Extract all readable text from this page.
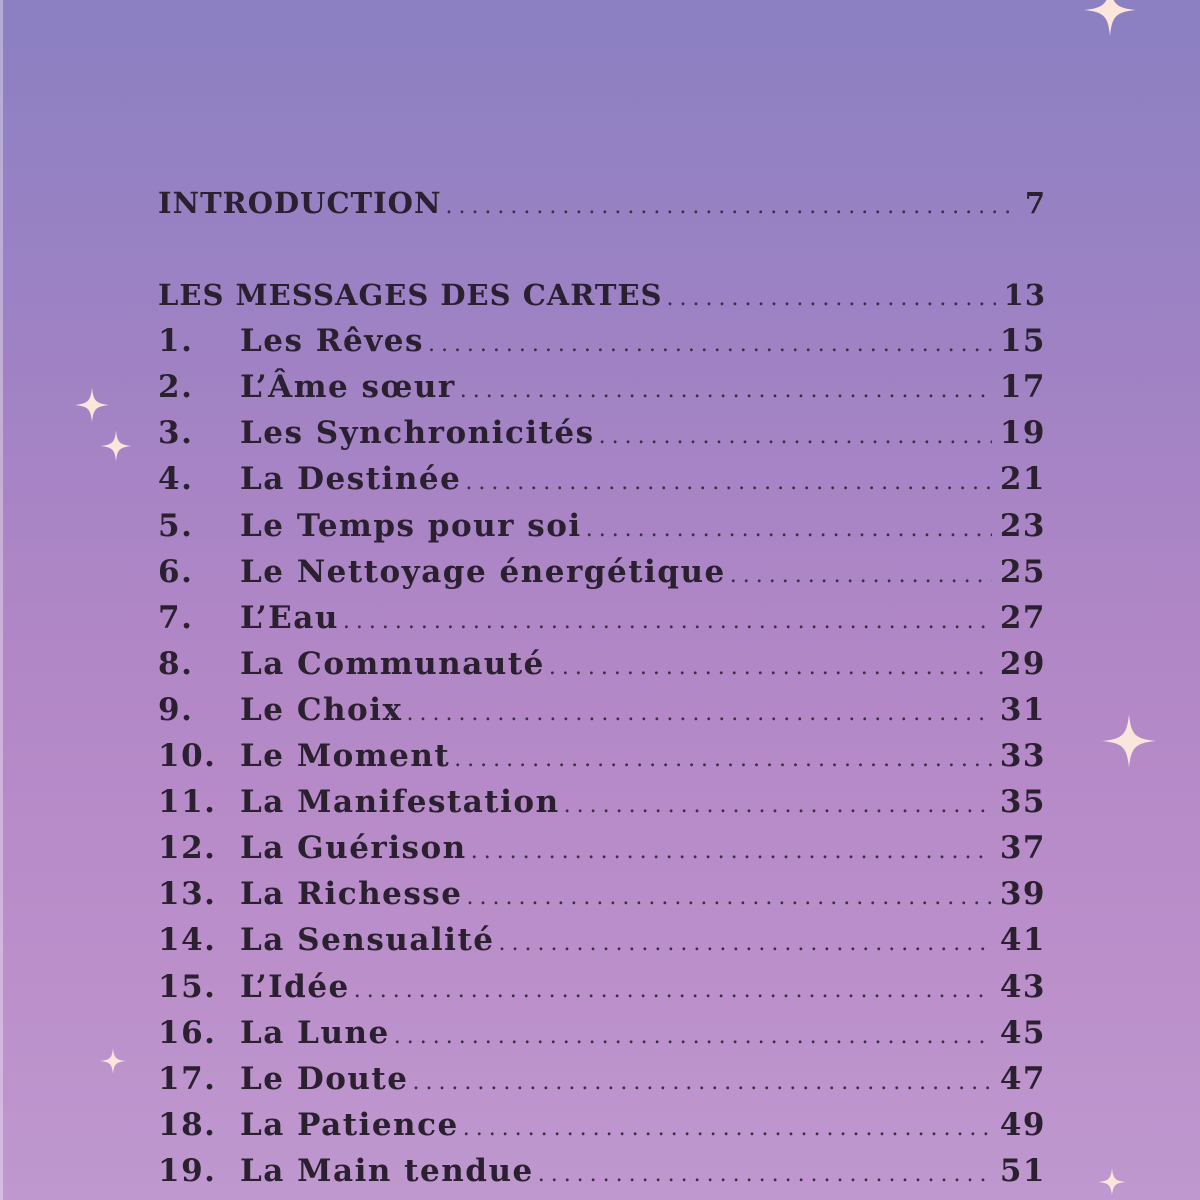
INTRODUCTION .....	7
LES MESSAGES DES CARTES .....	13
1.	Les Rêves .....	15
2.	L’Âme sœur .....	17
3.	Les Synchronicités .....	19
4.	La Destinée .....	21
5.	Le Temps pour soi .....	23
6.	Le Nettoyage énergétique .....	25
7.	L’Eau .....	27
8.	La Communauté .....	29
9.	Le Choix .....	31
10. Le Moment .....	33
11. La Manifestation .....	35
12. La Guérison .....	37
13. La Richesse .....	39
14. La Sensualité .....	41
15. L’Idée .....	43
16. La Lune .....	45
17. Le Doute .....	47
18. La Patience .....	49
19. La Main tendue .....	51
